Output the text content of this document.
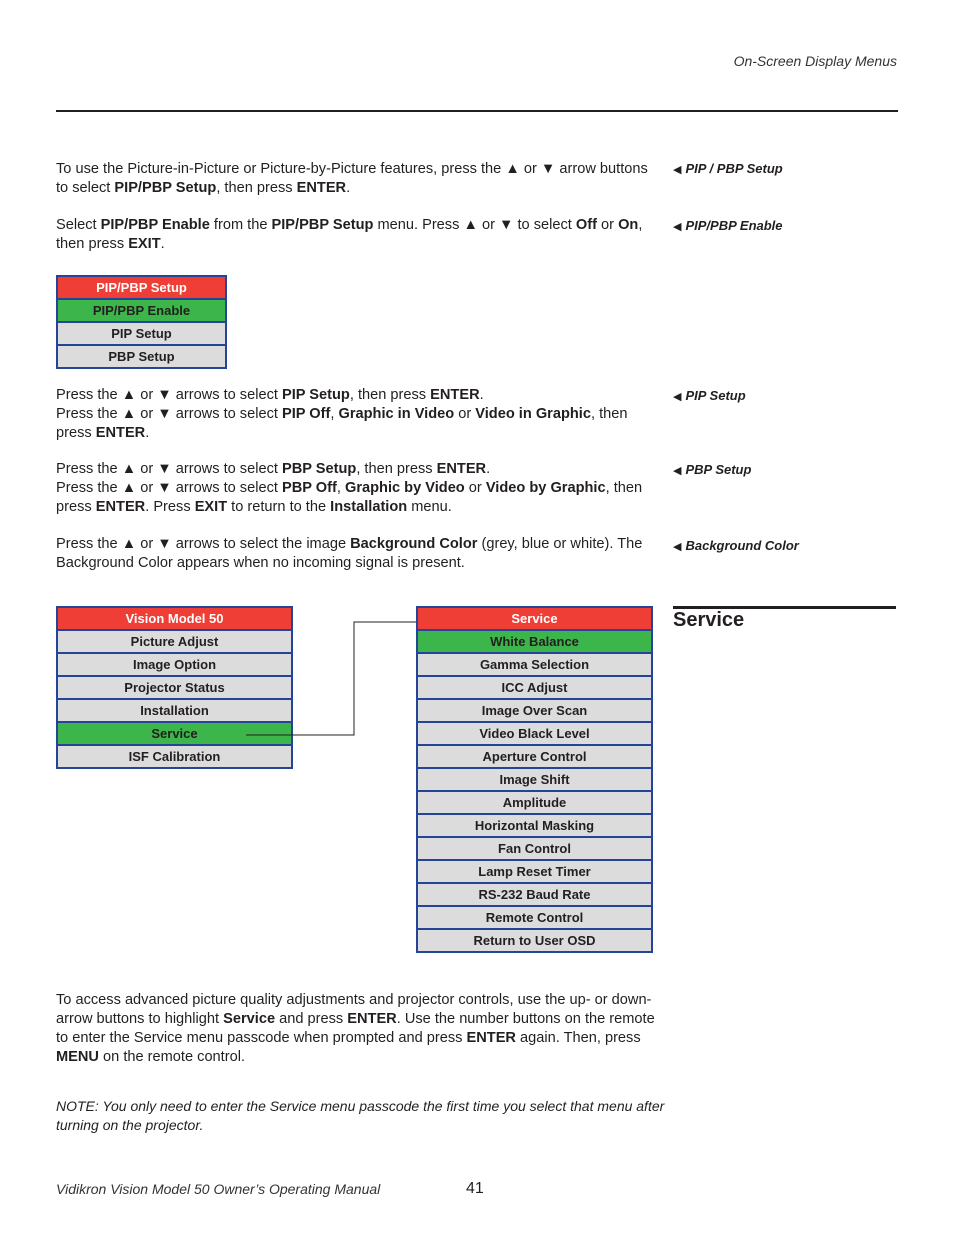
On-Screen Display Menus
To use the Picture-in-Picture or Picture-by-Picture features, press the ▲ or ▼ arrow buttons to select PIP/PBP Setup, then press ENTER.
Select PIP/PBP Enable from the PIP/PBP Setup menu. Press ▲ or ▼ to select Off or On, then press EXIT.
Press the ▲ or ▼ arrows to select PIP Setup, then press ENTER.
Press the ▲ or ▼ arrows to select PIP Off, Graphic in Video or Video in Graphic, then press ENTER.
Press the ▲ or ▼ arrows to select PBP Setup, then press ENTER.
Press the ▲ or ▼ arrows to select PBP Off, Graphic by Video or Video by Graphic, then press ENTER. Press EXIT to return to the Installation menu.
Press the ▲ or ▼ arrows to select the image Background Color (grey, blue or white). The Background Color appears when no incoming signal is present.
To access advanced picture quality adjustments and projector controls, use the up- or down-arrow buttons to highlight Service and press ENTER. Use the number buttons on the remote to enter the Service menu passcode when prompted and press ENTER again. Then, press MENU on the remote control.
◀ PIP / PBP Setup
◀ PIP/PBP Enable
◀ PIP Setup
◀ PBP Setup
◀ Background Color
PIP/PBP Setup
PIP/PBP Enable
PIP Setup
PBP Setup
Vision Model 50
Picture Adjust
Image Option
Projector Status
Installation
Service
ISF Calibration
Service
White Balance
Gamma Selection
ICC Adjust
Image Over Scan
Video Black Level
Aperture Control
Image Shift
Amplitude
Horizontal Masking
Fan Control
Lamp Reset Timer
RS-232 Baud Rate
Remote Control
Return to User OSD
Service
NOTE: You only need to enter the Service menu passcode the first time you select that menu after turning on the projector.
Vidikron Vision Model 50 Owner’s Operating Manual	41
